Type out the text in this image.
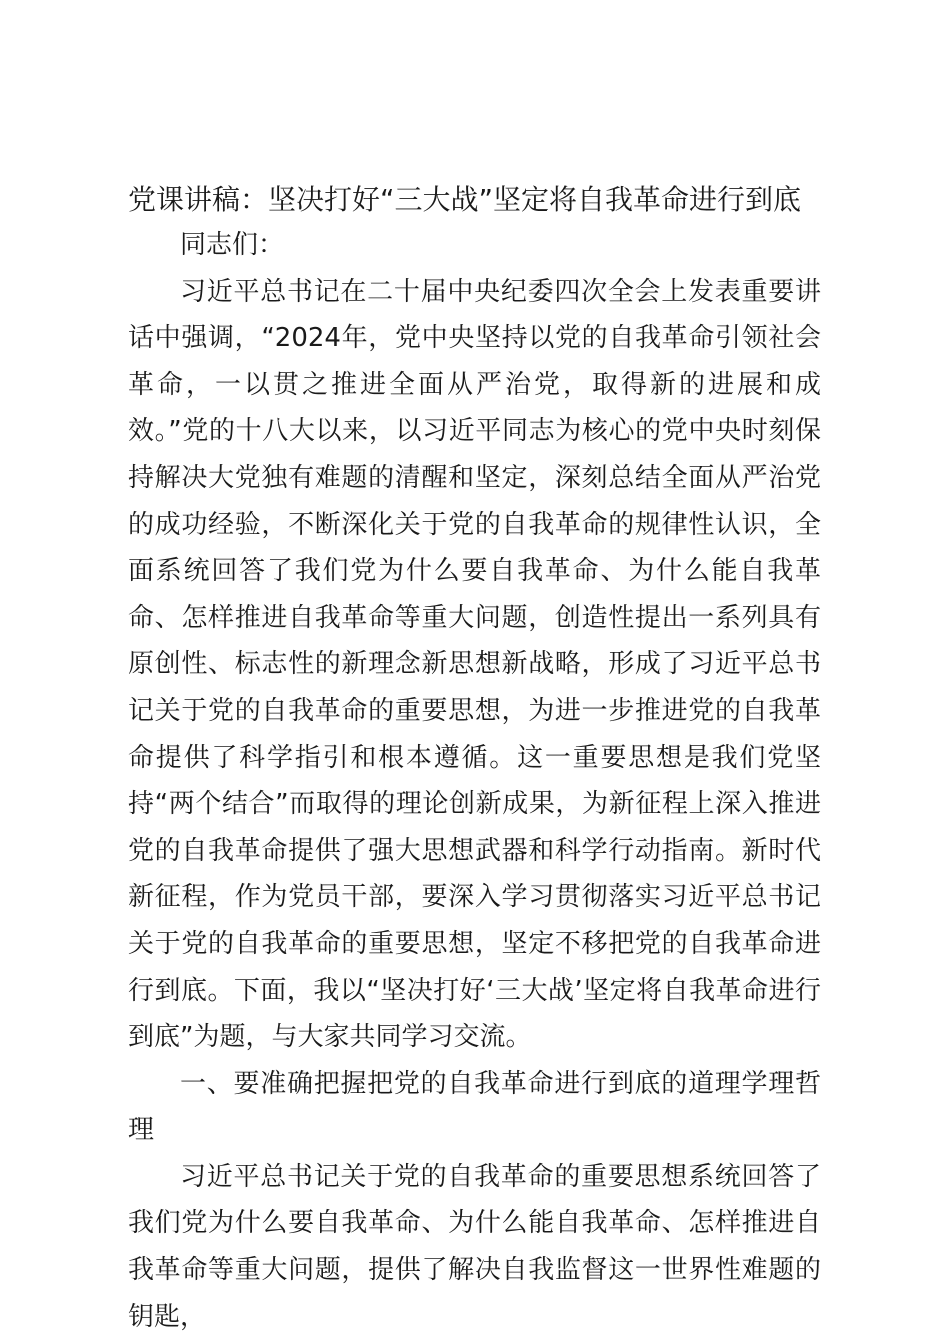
党课讲稿：坚决打好“三大战”坚定将自我革命进行到底

同志们：

习近平总书记在二十届中央纪委四次全会上发表重要讲话中强调，“2024年，党中央坚持以党的自我革命引领社会革命，一以贯之推进全面从严治党，取得新的进展和成效。”党的十八大以来，以习近平同志为核心的党中央时刻保持解决大党独有难题的清醒和坚定，深刻总结全面从严治党的成功经验，不断深化关于党的自我革命的规律性认识，全面系统回答了我们党为什么要自我革命、为什么能自我革命、怎样推进自我革命等重大问题，创造性提出一系列具有原创性、标志性的新理念新思想新战略，形成了习近平总书记关于党的自我革命的重要思想，为进一步推进党的自我革命提供了科学指引和根本遵循。这一重要思想是我们党坚持“两个结合”而取得的理论创新成果，为新征程上深入推进党的自我革命提供了强大思想武器和科学行动指南。新时代新征程，作为党员干部，要深入学习贯彻落实习近平总书记关于党的自我革命的重要思想，坚定不移把党的自我革命进行到底。下面，我以“坚决打好‘三大战’坚定将自我革命进行到底”为题，与大家共同学习交流。

一、要准确把握把党的自我革命进行到底的道理学理哲理

习近平总书记关于党的自我革命的重要思想系统回答了我们党为什么要自我革命、为什么能自我革命、怎样推进自我革命等重大问题，提供了解决自我监督这一世界性难题的钥匙，
